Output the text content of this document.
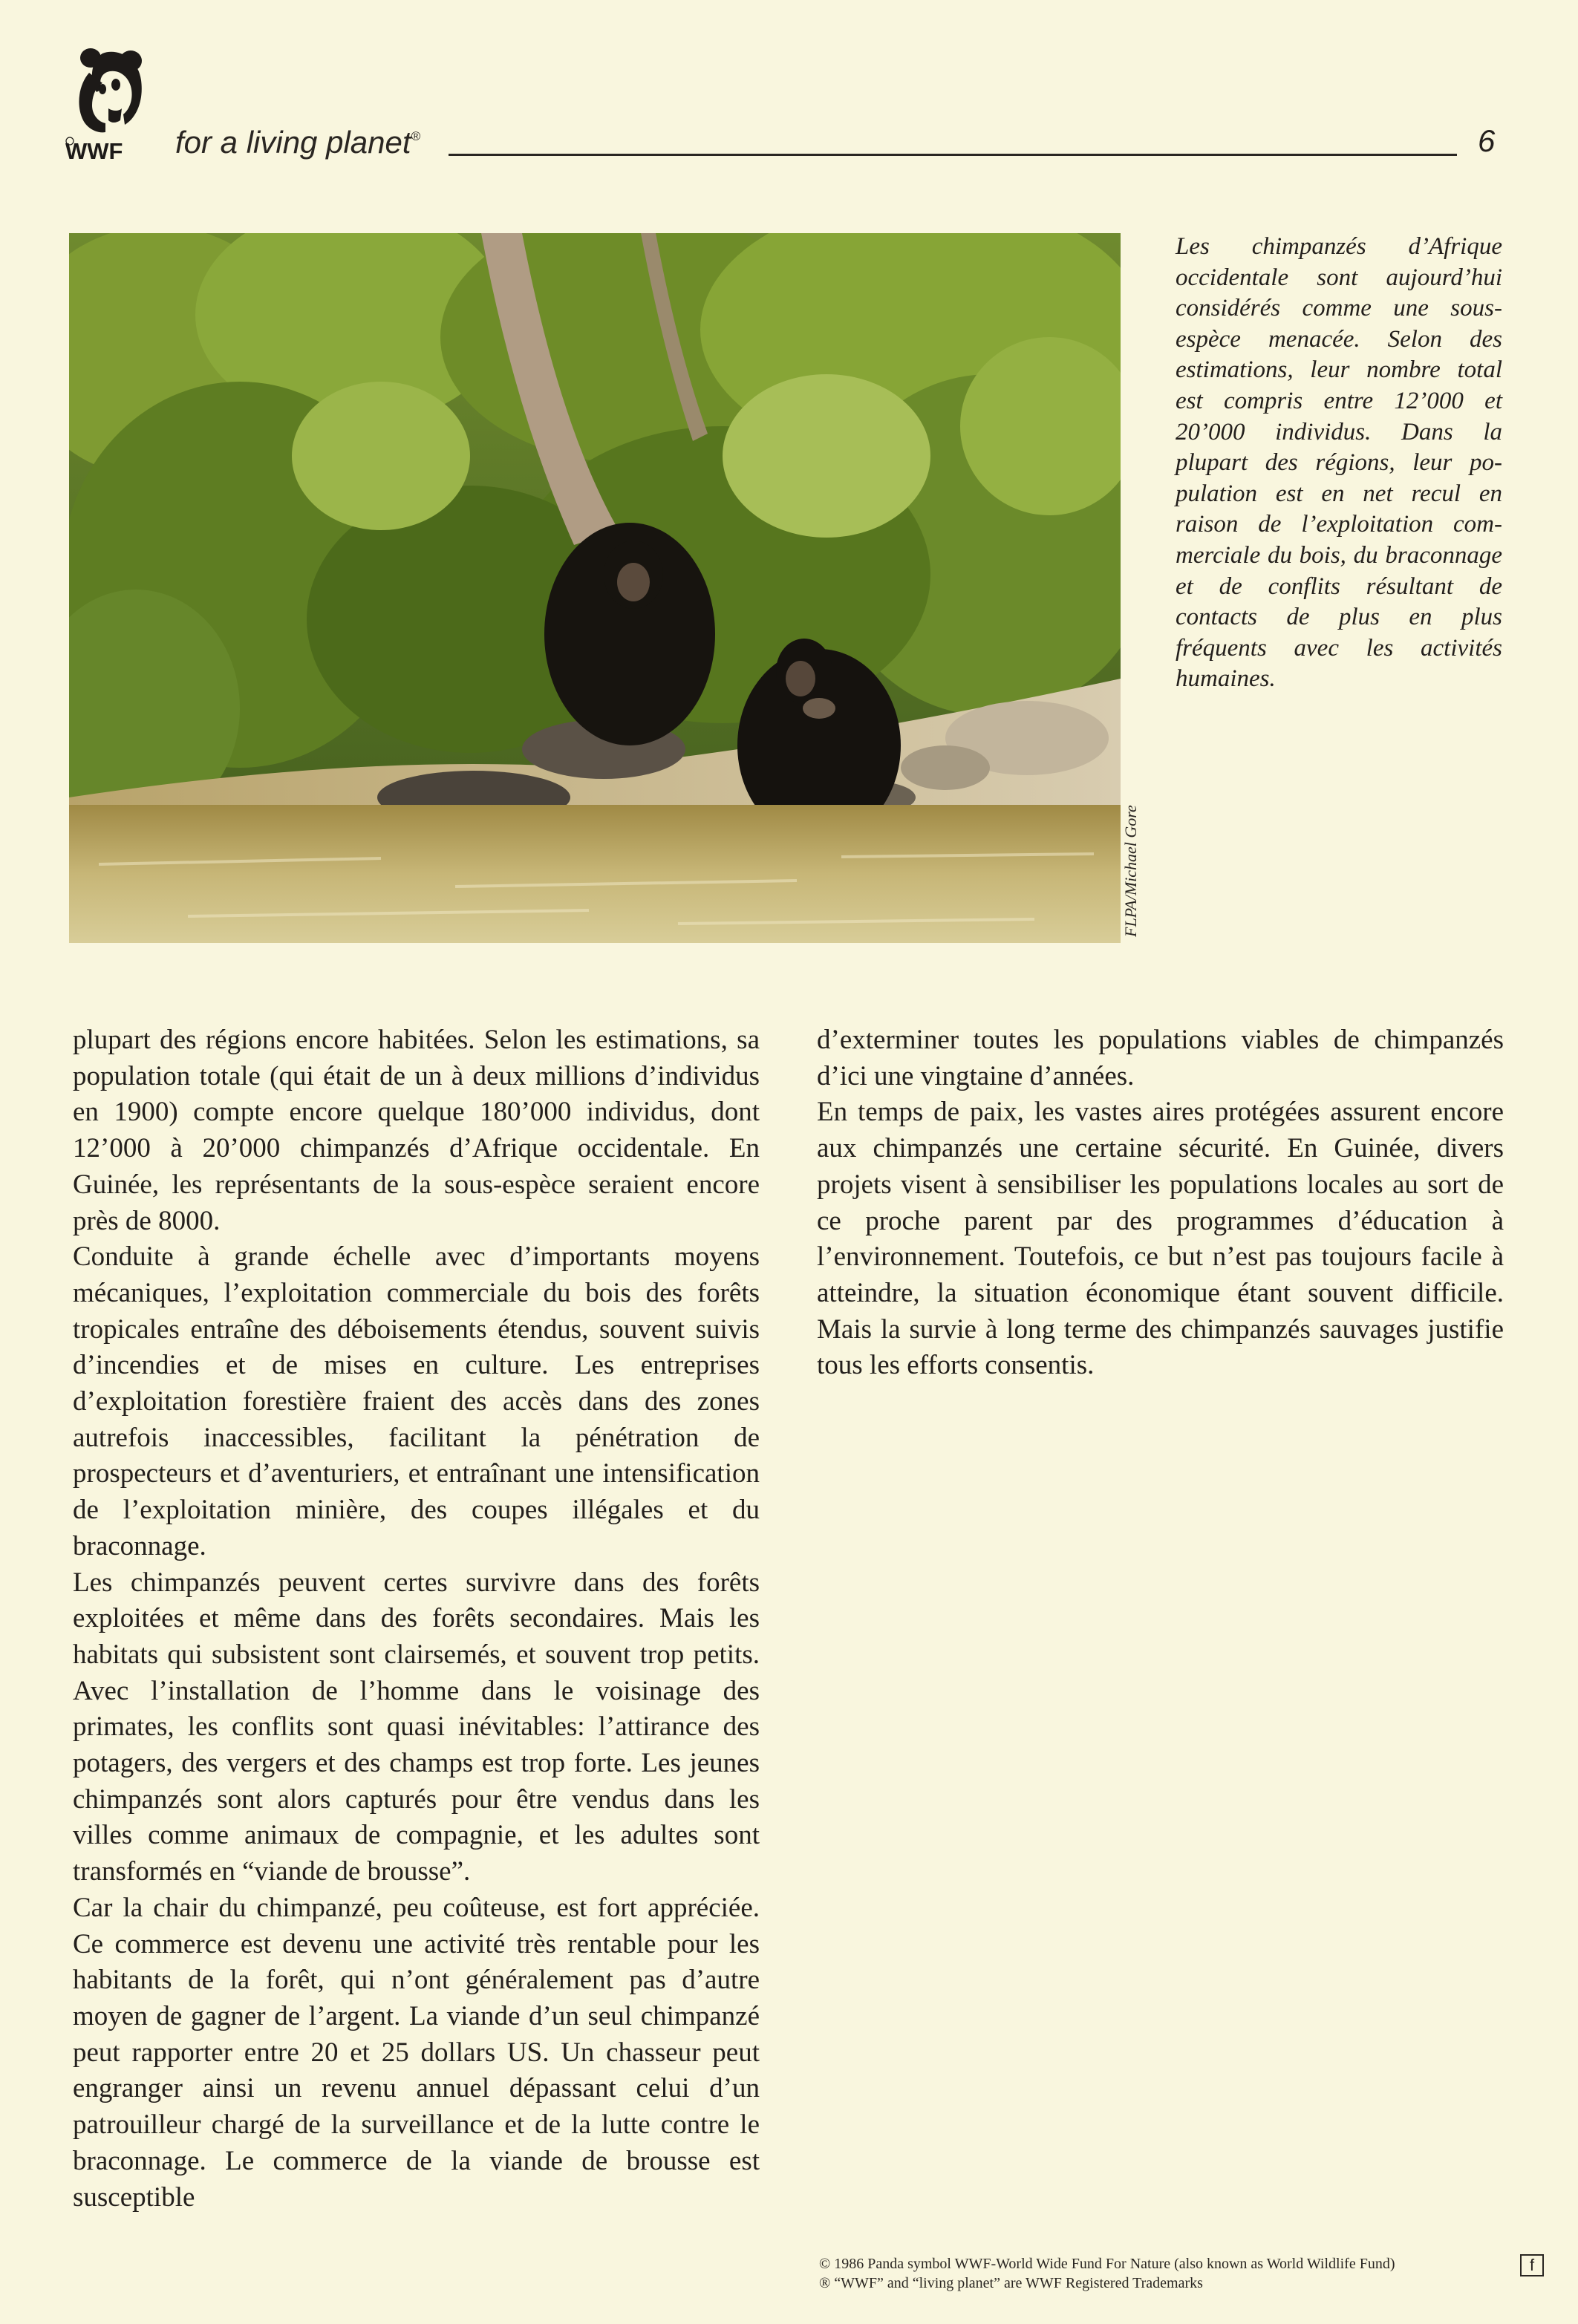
WWF for a living planet®	6
FLPA/Michael Gore
Les chimpanzés d’Afrique occidentale sont aujourd’hui considérés comme une sousespèce menacée. Selon des estimations, leur nombre total est compris entre 12’000 et 20’000 individus. Dans la plupart des régions, leur population est en net recul en raison de l’exploitation commerciale du bois, du braconnage et de conflits résultant de contacts de plus en plus fréquents avec les activités humaines.

plupart des régions encore habitées. Selon les estimations, sa population totale (qui était de un à deux millions d’individus en 1900) compte encore quelque 180’000 individus, dont 12’000 à 20’000 chimpanzés d’Afrique occidentale. En Guinée, les représentants de la sous-espèce seraient encore près de 8000.

Conduite à grande échelle avec d’importants moyens mécaniques, l’exploitation commerciale du bois des forêts tropicales entraîne des déboisements étendus, souvent suivis d’incendies et de mises en culture. Les entreprises d’exploitation forestière fraient des accès dans des zones autrefois inaccessibles, facilitant la pénétration de prospecteurs et d’aventuriers, et entraînant une intensification de l’exploitation minière, des coupes illégales et du braconnage.

Les chimpanzés peuvent certes survivre dans des forêts exploitées et même dans des forêts secondaires. Mais les habitats qui subsistent sont clairsemés, et souvent trop petits. Avec l’installation de l’homme dans le voisinage des primates, les conflits sont quasi inévitables: l’attirance des potagers, des vergers et des champs est trop forte. Les jeunes chimpanzés sont alors capturés pour être vendus dans les villes comme animaux de compagnie, et les adultes sont transformés en “viande de brousse”.

Car la chair du chimpanzé, peu coûteuse, est fort appréciée. Ce commerce est devenu une activité très rentable pour les habitants de la forêt, qui n’ont généralement pas d’autre moyen de gagner de l’argent. La viande d’un seul chimpanzé peut rapporter entre 20 et 25 dollars US. Un chasseur peut engranger ainsi un revenu annuel dépassant celui d’un patrouilleur chargé de la surveillance et de la lutte contre le braconnage. Le commerce de la viande de brousse est susceptible

d’exterminer toutes les populations viables de chimpanzés d’ici une vingtaine d’années.

En temps de paix, les vastes aires protégées assurent encore aux chimpanzés une certaine sécurité. En Guinée, divers projets visent à sensibiliser les populations locales au sort de ce proche parent par des programmes d’éducation à l’environnement. Toutefois, ce but n’est pas toujours facile à atteindre, la situation économique étant souvent difficile. Mais la survie à long terme des chimpanzés sauvages justifie tous les efforts consentis.

© 1986 Panda symbol WWF-World Wide Fund For Nature (also known as World Wildlife Fund)
® “WWF” and “living planet” are WWF Registered Trademarks
f
